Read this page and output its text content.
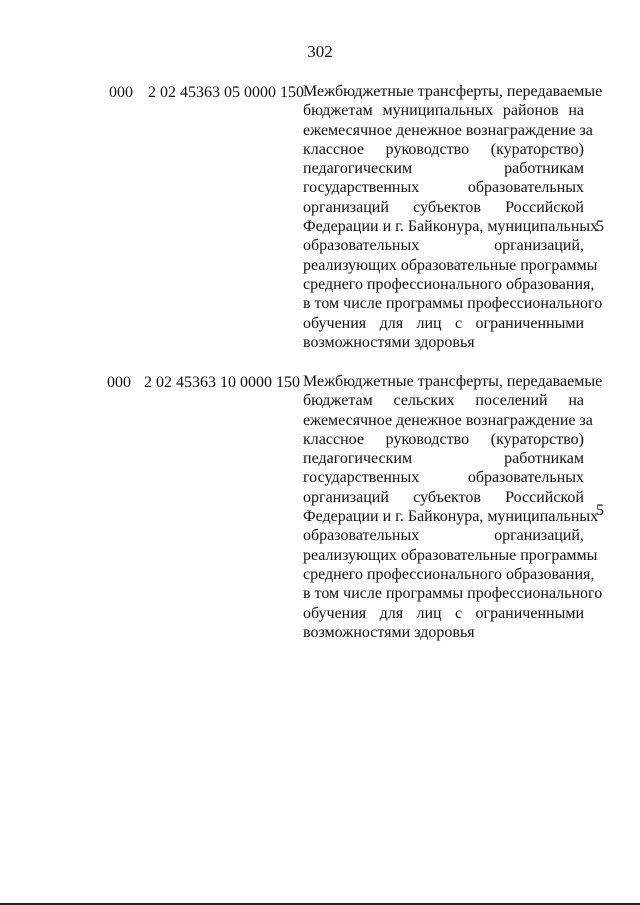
302
000 2 02 45363 05 0000 150 Межбюджетные трансферты, передаваемые
бюджетам муниципальных районов на
ежемесячное денежное вознаграждение за
классное руководство (кураторство)
педагогическим работникам
государственных образовательных
организаций субъектов Российской
Федерации и г. Байконура, муниципальных
образовательных организаций,
реализующих образовательные программы
среднего профессионального образования,
в том числе программы профессионального
обучения для лиц с ограниченными
возможностями здоровья
5
000 2 02 45363 10 0000 150 Межбюджетные трансферты, передаваемые
бюджетам сельских поселений на
ежемесячное денежное вознаграждение за
классное руководство (кураторство)
педагогическим работникам
государственных образовательных
организаций субъектов Российской
Федерации и г. Байконура, муниципальных
образовательных организаций,
реализующих образовательные программы
среднего профессионального образования,
в том числе программы профессионального
обучения для лиц с ограниченными
возможностями здоровья
5
